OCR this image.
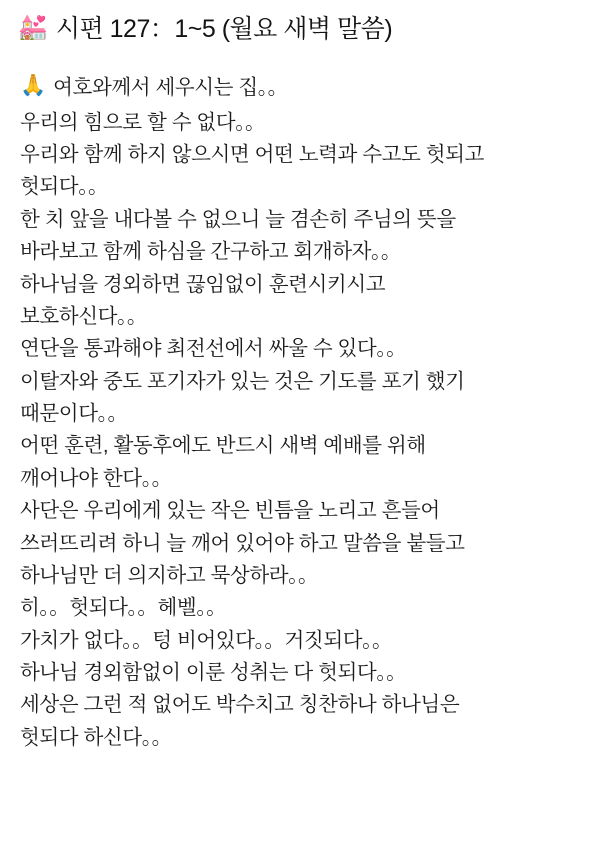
💒 시편 127：1~5 (월요 새벽 말씀)
🙏 여호와께서 세우시는 집。。
우리의 힘으로 할 수 없다。。
우리와 함께 하지 않으시면 어떤 노력과 수고도 헛되고
헛되다。。
한 치 앞을 내다볼 수 없으니 늘 겸손히 주님의 뜻을
바라보고 함께 하심을 간구하고 회개하자。。
하나님을 경외하면 끊임없이 훈련시키시고
보호하신다。。
연단을 통과해야 최전선에서 싸울 수 있다。。
이탈자와 중도 포기자가 있는 것은 기도를 포기 했기
때문이다。。
어떤 훈련, 활동후에도 반드시 새벽 예배를 위해
깨어나야 한다。。
사단은 우리에게 있는 작은 빈틈을 노리고 흔들어
쓰러뜨리려 하니 늘 깨어 있어야 하고 말씀을 붙들고
하나님만 더 의지하고 묵상하라。。
히。。헛되다。。헤벨。。
가치가 없다。。텅 비어있다。。거짓되다。。
하나님 경외함없이 이룬 성취는 다 헛되다。。
세상은 그런 적 없어도 박수치고 칭찬하나 하나님은
헛되다 하신다。。
